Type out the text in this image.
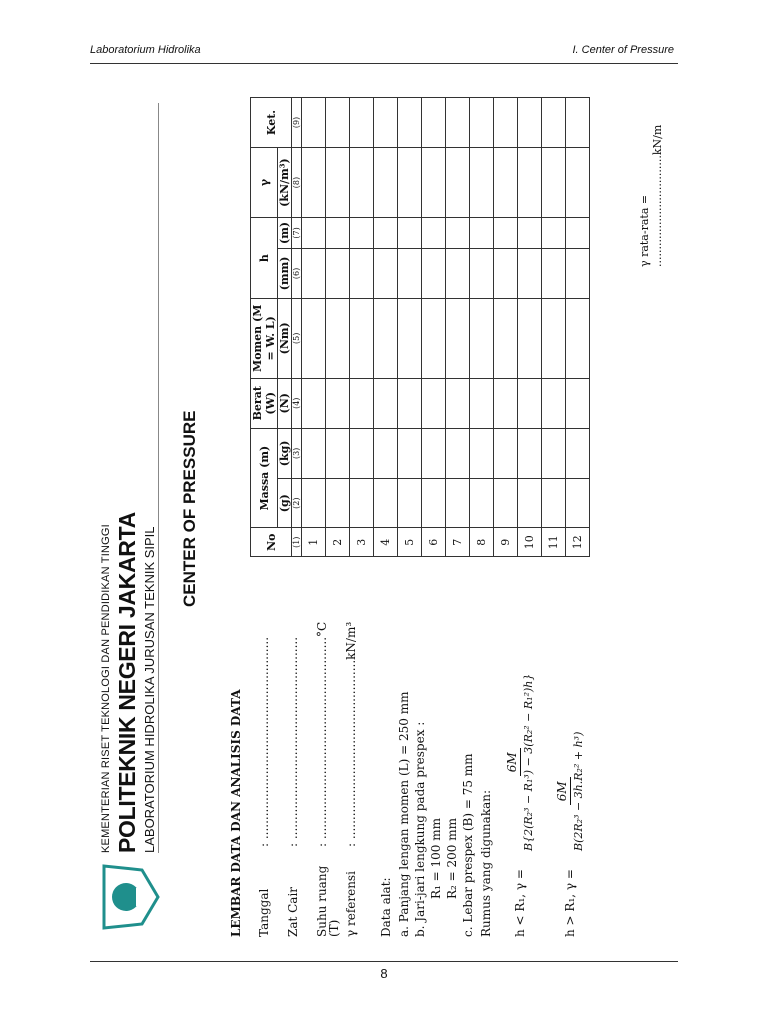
Laboratorium Hidrolika	I. Center of Pressure
8
KEMENTERIAN RISET TEKNOLOGI DAN PENDIDIKAN TINGGI POLITEKNIK NEGERI JAKARTA LABORATORIUM HIDROLIKA JURUSAN TEKNIK SIPIL
CENTER OF PRESSURE
LEMBAR DATA DAN ANALISIS DATA Tanggal
: .....................................................
Zat Cair
: .....................................................
Suhu ruang (T)
: .....................................................°C
γ referensi
: ...............................................kN/m³
Data alat: a. Panjang lengan momen (L) = 250 mm b. Jari-jari lengkung pada prespex : R₁ = 100 mm R₂ = 200 mm c. Lebar prespex (B) = 75 mm Rumus yang digunakan: h < R₁, γ =
6M B{2(R₂³ − R₁³) − 3(R₂² − R₁²)h}
h > R₁, γ =
6M B(2R₂³ − 3h.R₂² + h³)
No	Massa (m)		Berat (W)	Momen (M = W. L)	h		γ	Ket.
	(g)	(kg)	(N)	(Nm)	(mm)	(m)	(kN/m³)	
(1)	(2)	(3)	(4)	(5)	(6)	(7)	(8)	(9)
1								
2								
3								
4								
5								
6								
7								
8								
9								
10								
11								
12								
γ rata-rata = ................................kN/m
